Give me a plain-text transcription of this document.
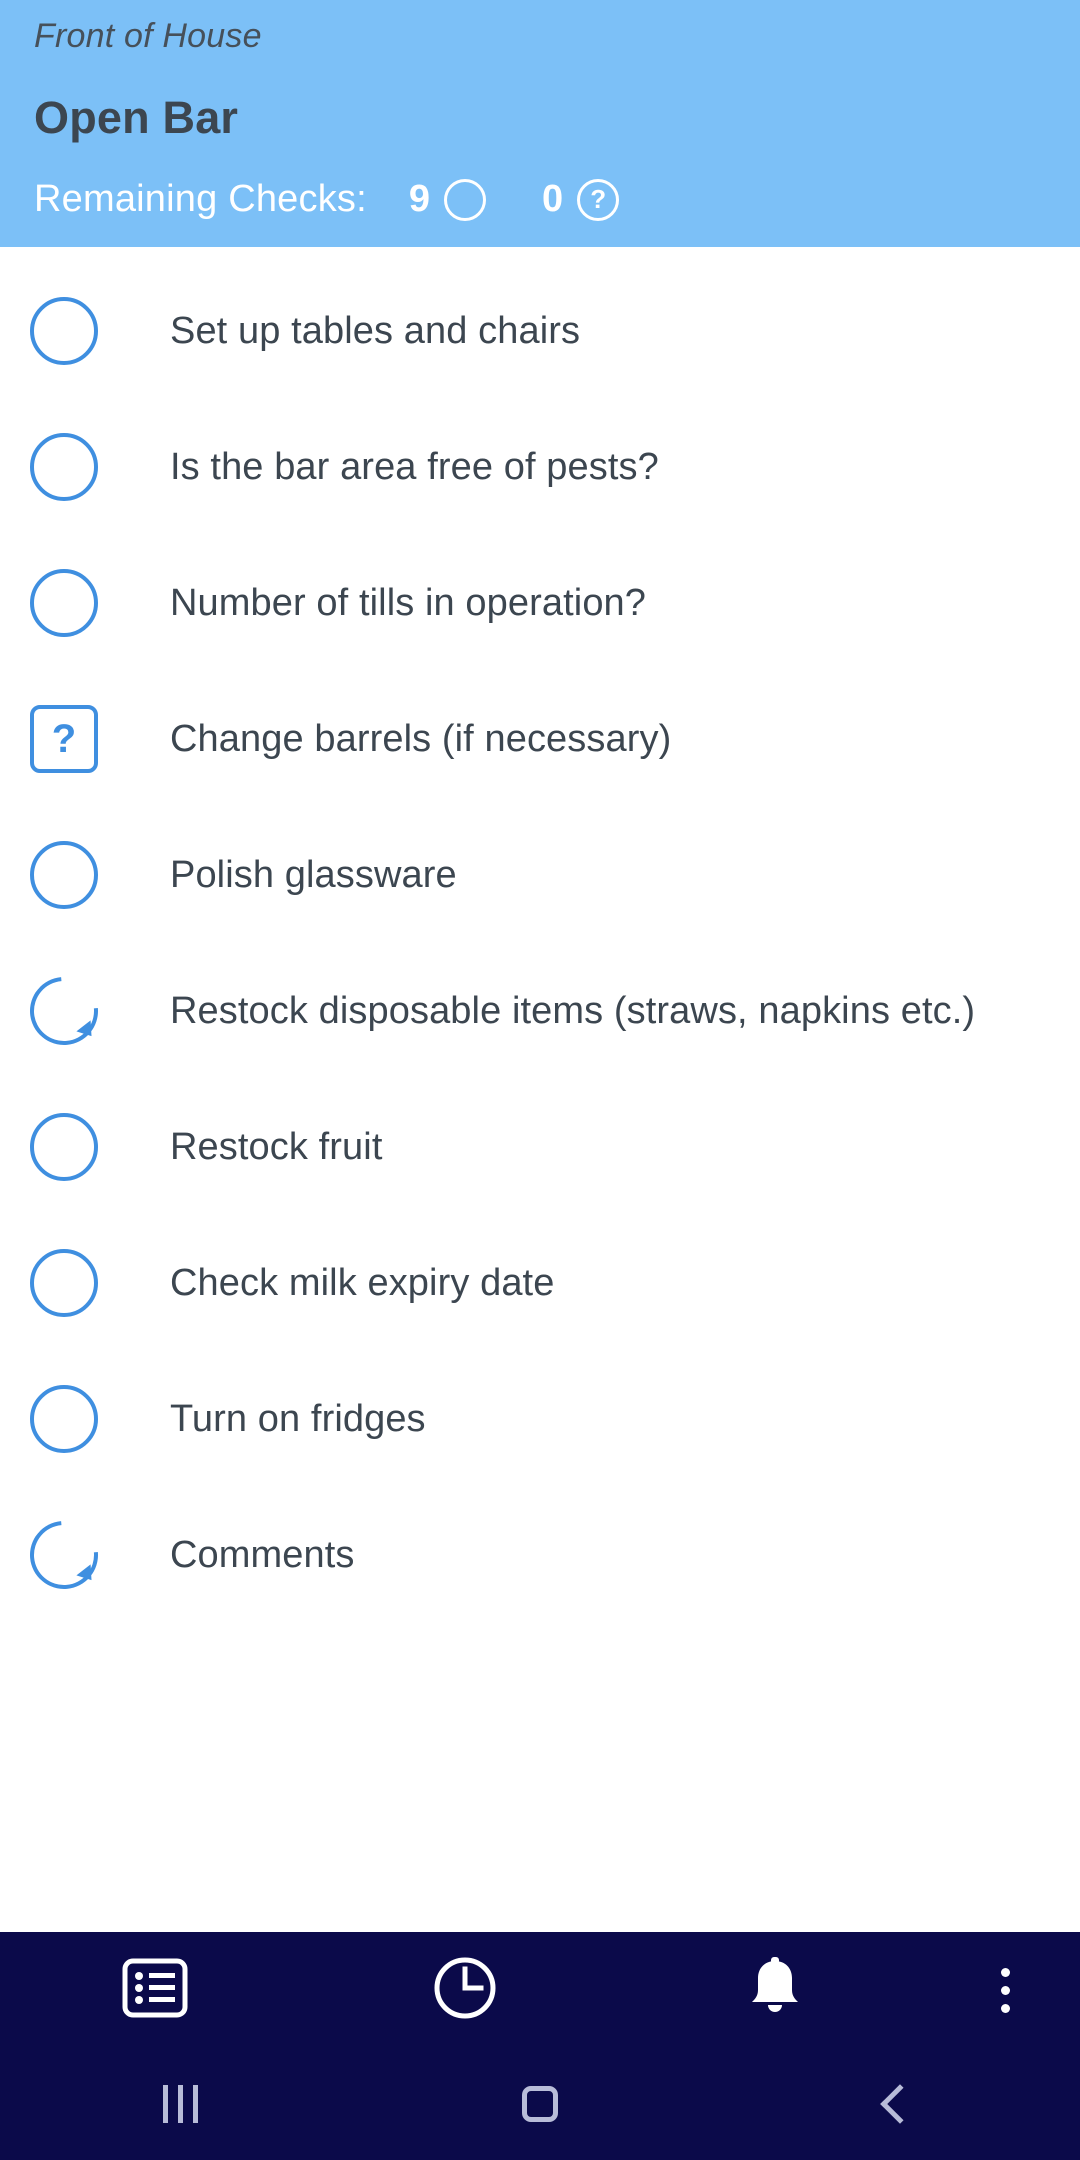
Front of House
Open Bar
Remaining Checks: 9	0	?
Set up tables and chairs
Is the bar area free of pests?
Number of tills in operation?
?	Change barrels (if necessary)
Polish glassware
Restock disposable items (straws, napkins etc.)
Restock fruit
Check milk expiry date
Turn on fridges
Comments
